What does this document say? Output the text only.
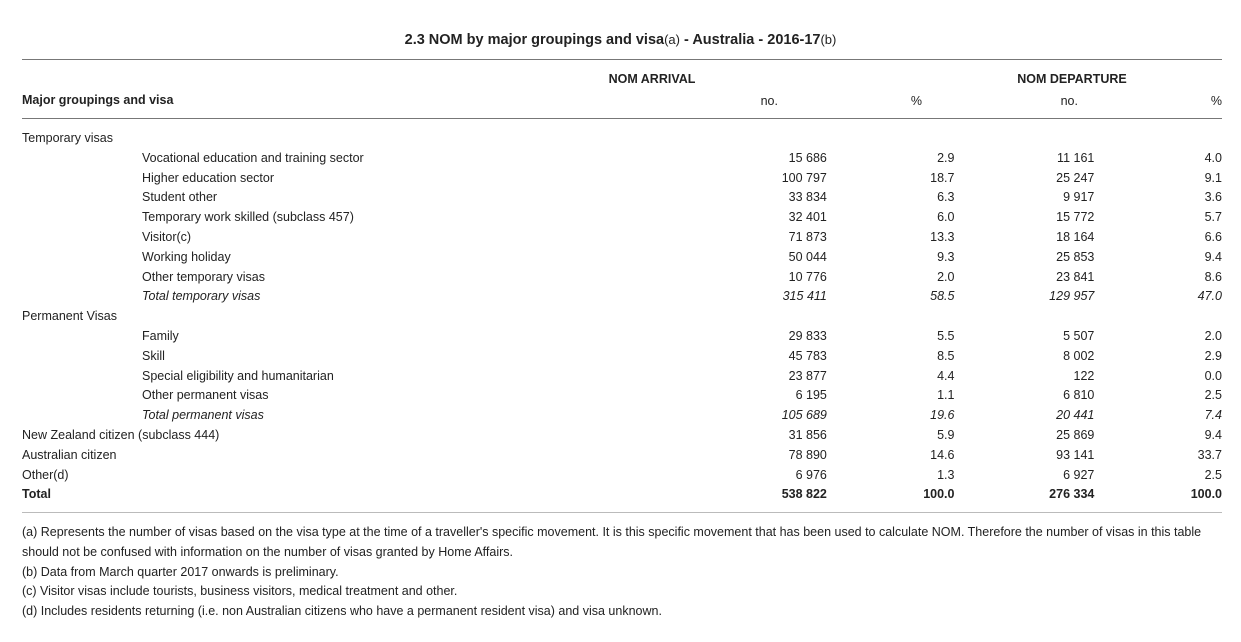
2.3 NOM by major groupings and visa(a) - Australia - 2016-17(b)
NOM ARRIVAL	NOM DEPARTURE
Major groupings and visa	no.	%	no.	%
Temporary visas				
Vocational education and training sector	15 686	2.9	11 161	4.0
Higher education sector	100 797	18.7	25 247	9.1
Student other	33 834	6.3	9 917	3.6
Temporary work skilled (subclass 457)	32 401	6.0	15 772	5.7
Visitor(c)	71 873	13.3	18 164	6.6
Working holiday	50 044	9.3	25 853	9.4
Other temporary visas	10 776	2.0	23 841	8.6
Total temporary visas	315 411	58.5	129 957	47.0
Permanent Visas				
Family	29 833	5.5	5 507	2.0
Skill	45 783	8.5	8 002	2.9
Special eligibility and humanitarian	23 877	4.4	122	0.0
Other permanent visas	6 195	1.1	6 810	2.5
Total permanent visas	105 689	19.6	20 441	7.4
New Zealand citizen (subclass 444)	31 856	5.9	25 869	9.4
Australian citizen	78 890	14.6	93 141	33.7
Other(d)	6 976	1.3	6 927	2.5
Total	538 822	100.0	276 334	100.0

(a) Represents the number of visas based on the visa type at the time of a traveller's specific movement. It is this specific movement that has been used to calculate NOM. Therefore the number of visas in this table should not be confused with information on the number of visas granted by Home Affairs.

(b) Data from March quarter 2017 onwards is preliminary.

(c) Visitor visas include tourists, business visitors, medical treatment and other.

(d) Includes residents returning (i.e. non Australian citizens who have a permanent resident visa) and visa unknown.
